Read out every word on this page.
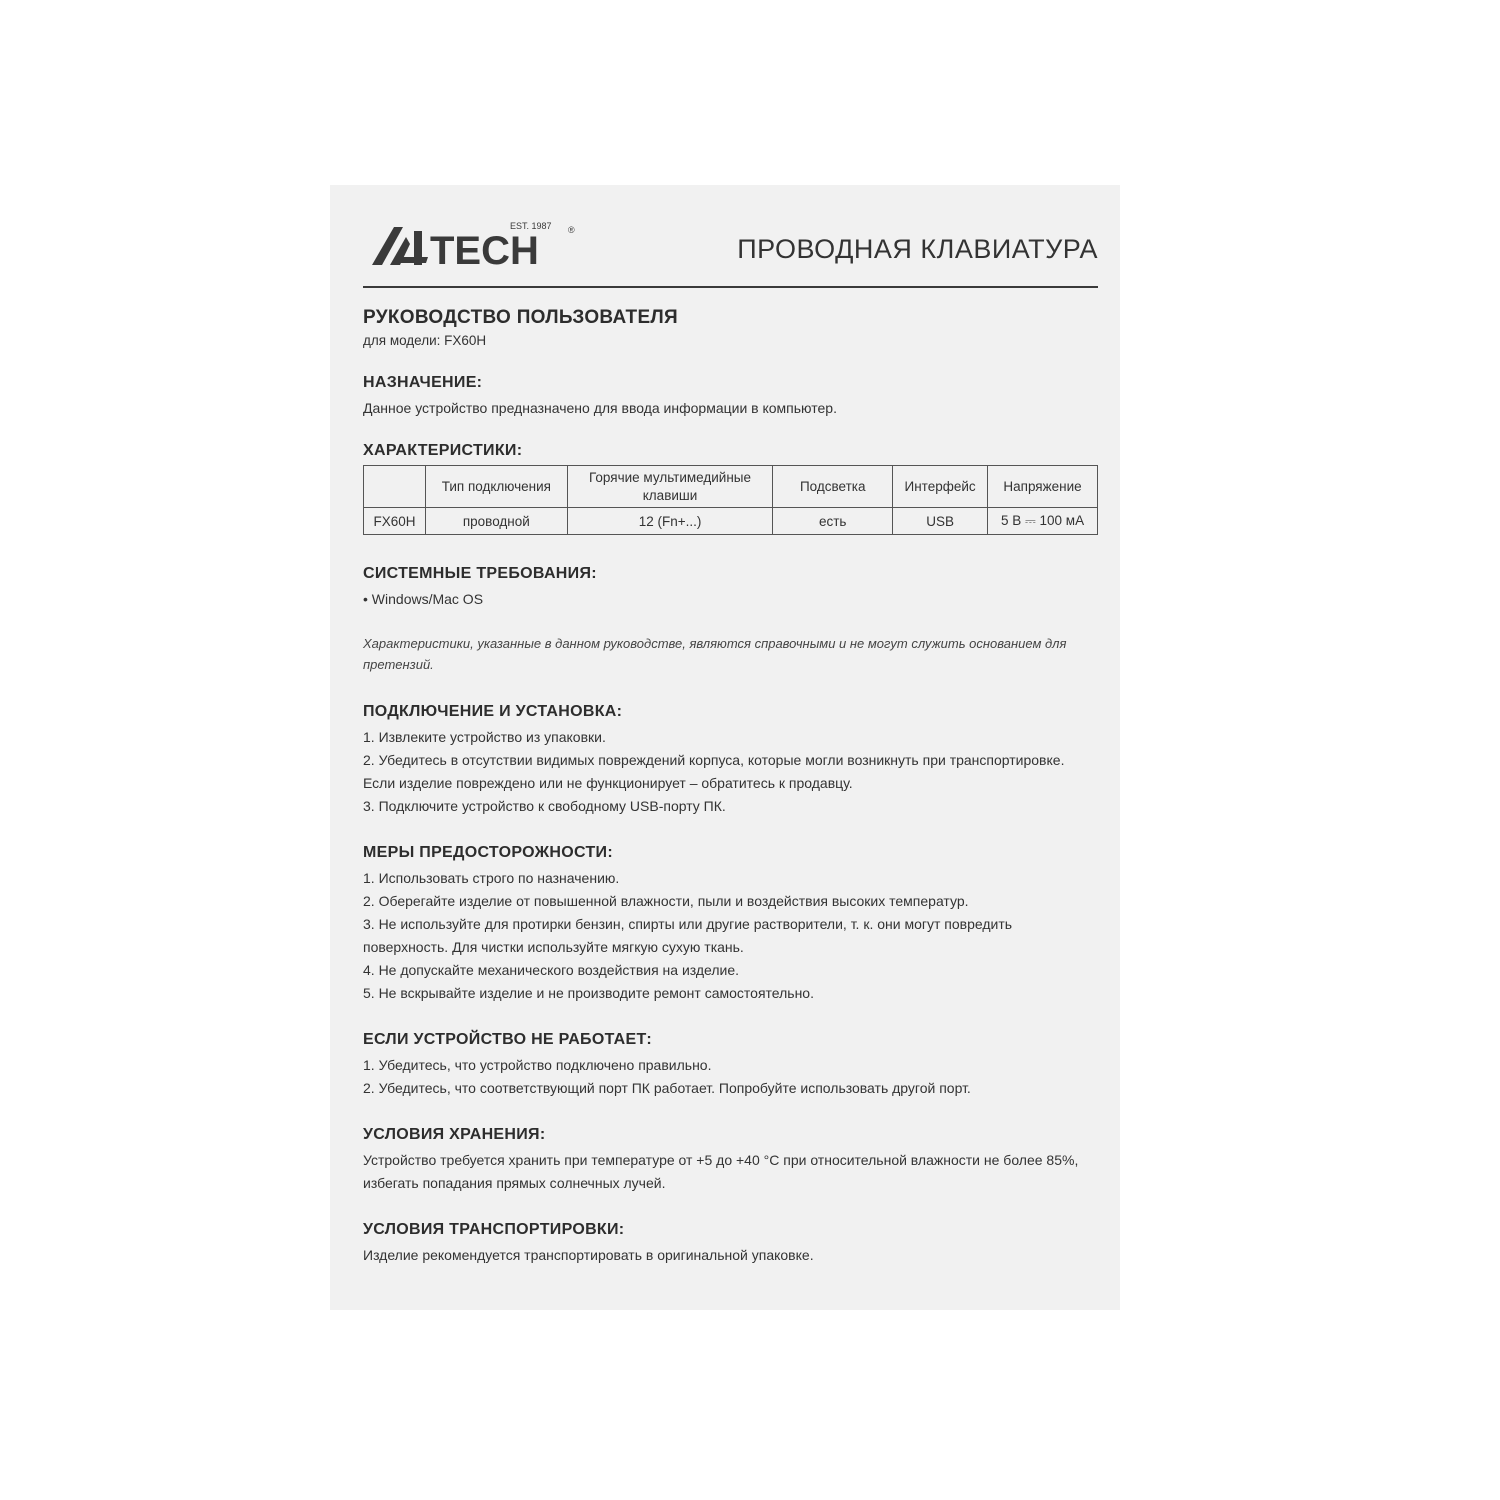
TECH
EST. 1987 ®
ПРОВОДНАЯ КЛАВИАТУРА
РУКОВОДСТВО ПОЛЬЗОВАТЕЛЯ
для модели: FX60H
НАЗНАЧЕНИЕ:

Данное устройство предназначено для ввода информации в компьютер.

ХАРАКТЕРИСТИКИ:
	Тип подключения	Горячие мультимедийные клавиши	Подсветка	Интерфейс	Напряжение
FX60H	проводной	12 (Fn+...)	есть	USB	5 В ⎓ 100 мА
СИСТЕМНЫЕ ТРЕБОВАНИЯ:
• Windows/Mac OS
Характеристики, указанные в данном руководстве, являются справочными и не могут служить основанием для претензий.
ПОДКЛЮЧЕНИЕ И УСТАНОВКА:
1. Извлеките устройство из упаковки.
2. Убедитесь в отсутствии видимых повреждений корпуса, которые могли возникнуть при транспортировке. Если изделие повреждено или не функционирует – обратитесь к продавцу.
3. Подключите устройство к свободному USB-порту ПК.
МЕРЫ ПРЕДОСТОРОЖНОСТИ:
1. Использовать строго по назначению.
2. Оберегайте изделие от повышенной влажности, пыли и воздействия высоких температур.
3. Не используйте для протирки бензин, спирты или другие растворители, т. к. они могут повредить поверхность. Для чистки используйте мягкую сухую ткань.
4. Не допускайте механического воздействия на изделие.
5. Не вскрывайте изделие и не производите ремонт самостоятельно.
ЕСЛИ УСТРОЙСТВО НЕ РАБОТАЕТ:
1. Убедитесь, что устройство подключено правильно.
2. Убедитесь, что соответствующий порт ПК работает. Попробуйте использовать другой порт.
УСЛОВИЯ ХРАНЕНИЯ:

Устройство требуется хранить при температуре от +5 до +40 °C при относительной влажности не более 85%, избегать попадания прямых солнечных лучей.

УСЛОВИЯ ТРАНСПОРТИРОВКИ:

Изделие рекомендуется транспортировать в оригинальной упаковке.
